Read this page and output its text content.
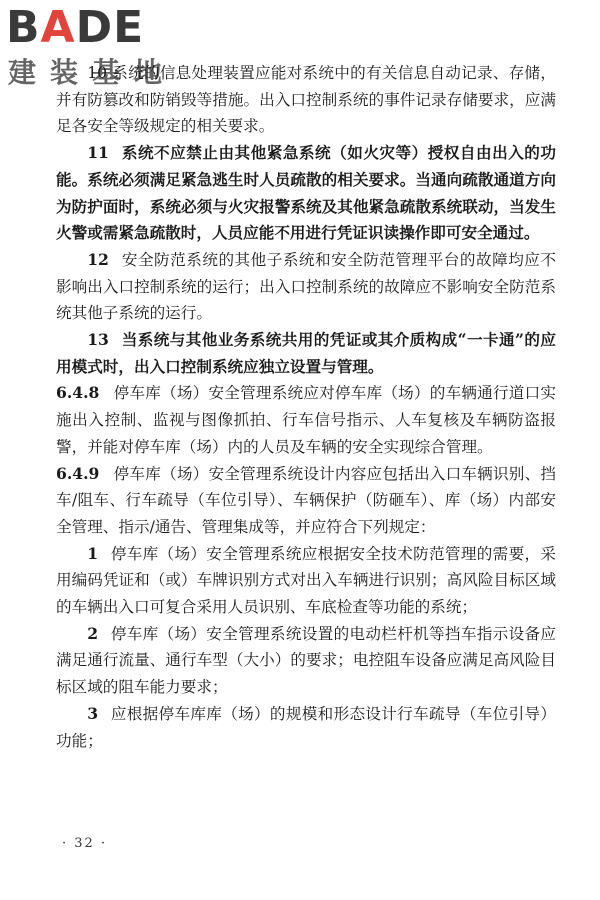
BADE
建装基地

10 系统的信息处理装置应能对系统中的有关信息自动记录、存储，并有防篡改和防销毁等措施。出入口控制系统的事件记录存储要求，应满足各安全等级规定的相关要求。

11 系统不应禁止由其他紧急系统（如火灾等）授权自由出入的功能。系统必须满足紧急逃生时人员疏散的相关要求。当通向疏散通道方向为防护面时，系统必须与火灾报警系统及其他紧急疏散系统联动，当发生火警或需紧急疏散时，人员应能不用进行凭证识读操作即可安全通过。

12 安全防范系统的其他子系统和安全防范管理平台的故障均应不影响出入口控制系统的运行；出入口控制系统的故障应不影响安全防范系统其他子系统的运行。

13 当系统与其他业务系统共用的凭证或其介质构成“一卡通”的应用模式时，出入口控制系统应独立设置与管理。

6.4.8 停车库（场）安全管理系统应对停车库（场）的车辆通行道口实施出入控制、监视与图像抓拍、行车信号指示、人车复核及车辆防盗报警，并能对停车库（场）内的人员及车辆的安全实现综合管理。

6.4.9 停车库（场）安全管理系统设计内容应包括出入口车辆识别、挡车/阻车、行车疏导（车位引导）、车辆保护（防砸车）、库（场）内部安全管理、指示/通告、管理集成等，并应符合下列规定：

1 停车库（场）安全管理系统应根据安全技术防范管理的需要，采用编码凭证和（或）车牌识别方式对出入车辆进行识别；高风险目标区域的车辆出入口可复合采用人员识别、车底检查等功能的系统；

2 停车库（场）安全管理系统设置的电动栏杆机等挡车指示设备应满足通行流量、通行车型（大小）的要求；电控阻车设备应满足高风险目标区域的阻车能力要求；

3 应根据停车库库（场）的规模和形态设计行车疏导（车位引导）功能；

· 32 ·
